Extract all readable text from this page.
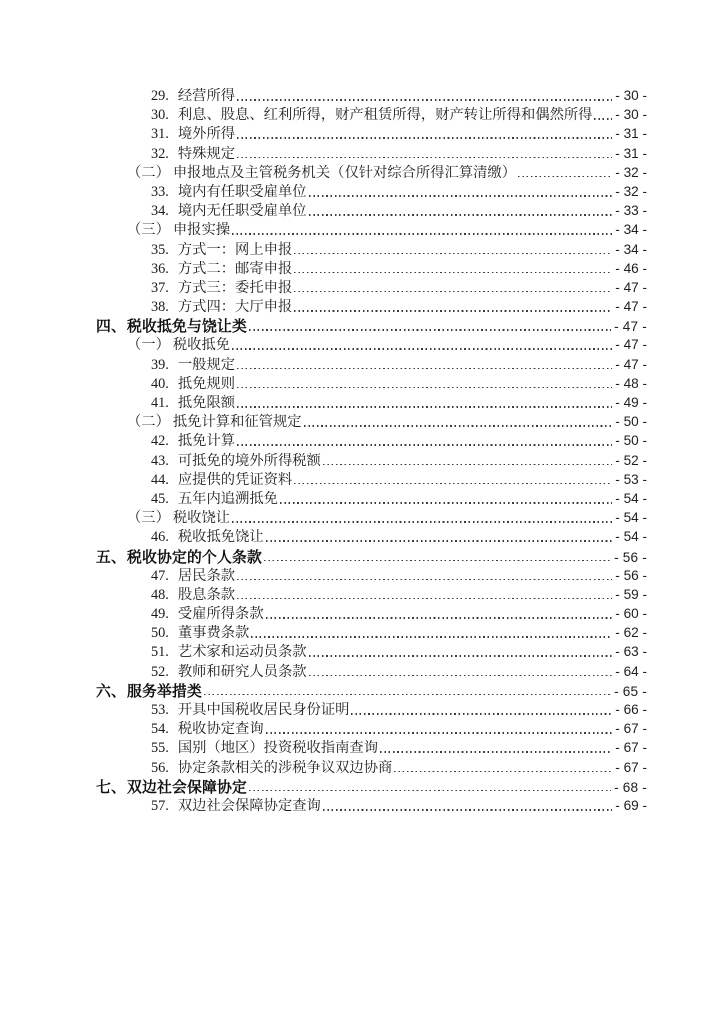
29. 经营所得	- 30 -
30. 利息、股息、红利所得，财产租赁所得，财产转让所得和偶然所得 - 30 -
31. 境外所得	- 31 -
32. 特殊规定	- 31 -
（二） 申报地点及主管税务机关（仅针对综合所得汇算清缴）	- 32 -
33. 境内有任职受雇单位	- 32 -
34. 境内无任职受雇单位	- 33 -
（三） 申报实操	- 34 -
35. 方式一：网上申报	- 34 -
36. 方式二：邮寄申报	- 46 -
37. 方式三：委托申报	- 47 -
38. 方式四：大厅申报	- 47 -
四、 税收抵免与饶让类	- 47 -
（一） 税收抵免	- 47 -
39. 一般规定	- 47 -
40. 抵免规则	- 48 -
41. 抵免限额	- 49 -
（二） 抵免计算和征管规定	- 50 -
42. 抵免计算	- 50 -
43. 可抵免的境外所得税额	- 52 -
44. 应提供的凭证资料	- 53 -
45. 五年内追溯抵免	- 54 -
（三） 税收饶让	- 54 -
46. 税收抵免饶让	- 54 -
五、 税收协定的个人条款	- 56 -
47. 居民条款	- 56 -
48. 股息条款	- 59 -
49. 受雇所得条款	- 60 -
50. 董事费条款	- 62 -
51. 艺术家和运动员条款	- 63 -
52. 教师和研究人员条款	- 64 -
六、 服务举措类	- 65 -
53. 开具中国税收居民身份证明	- 66 -
54. 税收协定查询	- 67 -
55. 国别（地区）投资税收指南查询	- 67 -
56. 协定条款相关的涉税争议双边协商	- 67 -
七、 双边社会保障协定	- 68 -
57. 双边社会保障协定查询	- 69 -
